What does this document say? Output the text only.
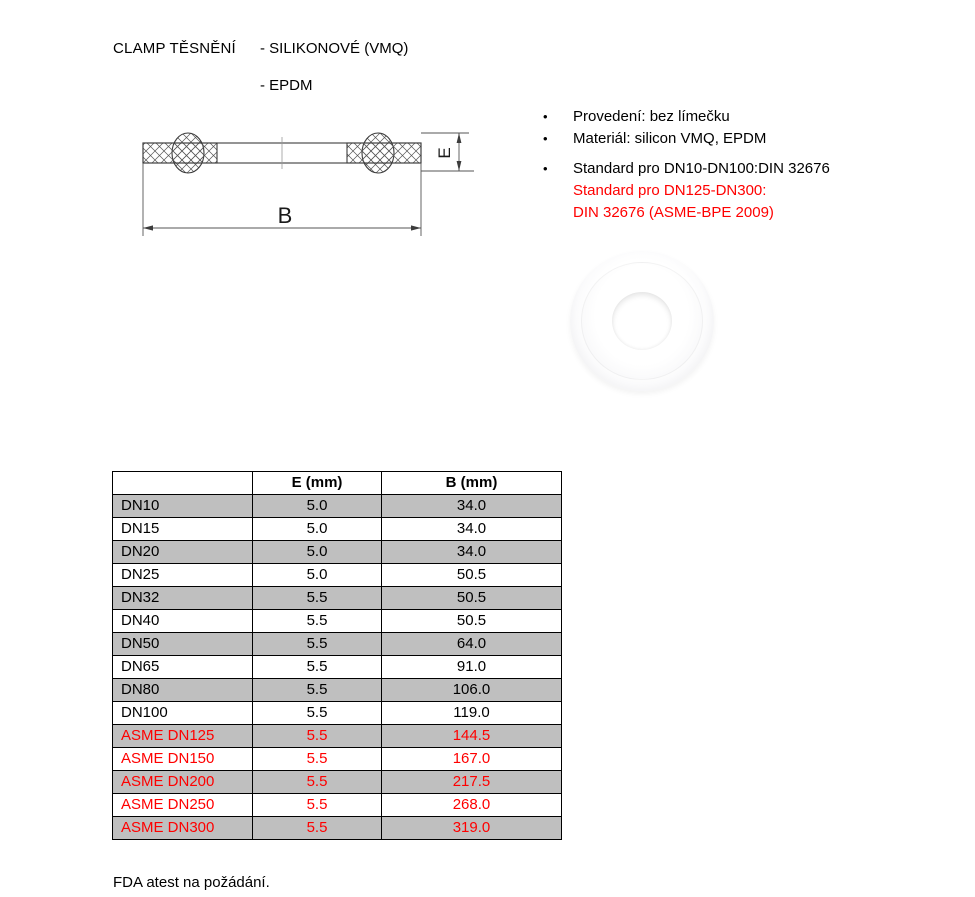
CLAMP TĚSNĚNÍ - SILIKONOVÉ (VMQ)
- EPDM
E
B
•	Provedení: bez límečku
•	Materiál: silicon VMQ, EPDM
•	Standard pro DN10-DN100:DIN 32676
Standard pro DN125-DN300:
DIN 32676 (ASME-BPE 2009)
	E (mm)	B (mm)
DN10	5.0	34.0
DN15	5.0	34.0
DN20	5.0	34.0
DN25	5.0	50.5
DN32	5.5	50.5
DN40	5.5	50.5
DN50	5.5	64.0
DN65	5.5	91.0
DN80	5.5	106.0
DN100	5.5	119.0
ASME DN125	5.5	144.5
ASME DN150	5.5	167.0
ASME DN200	5.5	217.5
ASME DN250	5.5	268.0
ASME DN300	5.5	319.0
FDA atest na požádání.
